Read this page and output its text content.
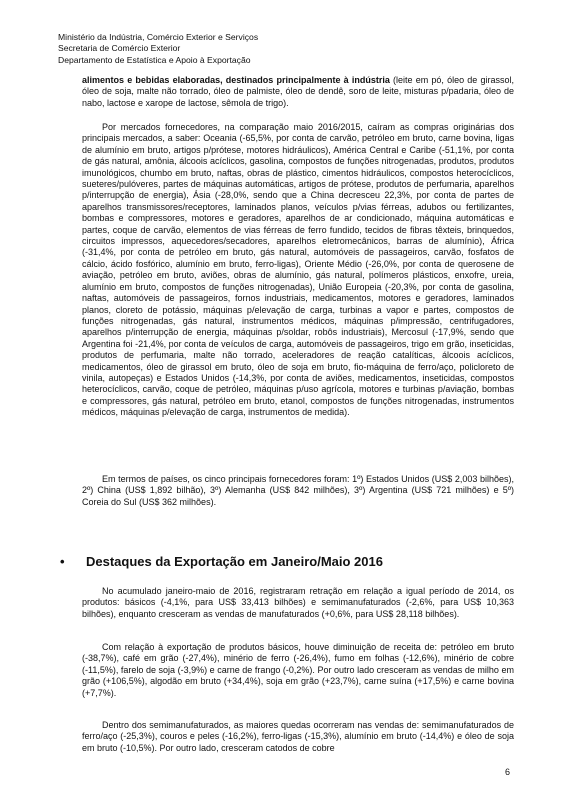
Ministério da Indústria, Comércio Exterior e Serviços
Secretaria de Comércio Exterior
Departamento de Estatística e Apoio à Exportação

alimentos e bebidas elaboradas, destinados principalmente à indústria (leite em pó, óleo de girassol, óleo de soja, malte não torrado, óleo de palmiste, óleo de dendê, soro de leite, misturas p/padaria, óleo de nabo, lactose e xarope de lactose, sêmola de trigo).

Por mercados fornecedores, na comparação maio 2016/2015, caíram as compras originárias dos principais mercados, a saber: Oceania (-65,5%, por conta de carvão, petróleo em bruto, carne bovina, ligas de alumínio em bruto, artigos p/prótese, motores hidráulicos), América Central e Caribe (-51,1%, por conta de gás natural, amônia, álcoois acíclicos, gasolina, compostos de funções nitrogenadas, produtos, produtos imunológicos, chumbo em bruto, naftas, obras de plástico, cimentos hidráulicos, compostos heterocíclicos, sueteres/pulóveres, partes de máquinas automáticas, artigos de prótese, produtos de perfumaria, aparelhos p/interrupção de energia), Ásia (-28,0%, sendo que a China decresceu 22,3%, por conta de partes de aparelhos transmissores/receptores, laminados planos, veículos p/vias férreas, adubos ou fertilizantes, bombas e compressores, motores e geradores, aparelhos de ar condicionado, máquina automáticas e partes, coque de carvão, elementos de vias férreas de ferro fundido, tecidos de fibras têxteis, brinquedos, circuitos impressos, aquecedores/secadores, aparelhos eletromecânicos, barras de alumínio), África (-31,4%, por conta de petróleo em bruto, gás natural, automóveis de passageiros, carvão, fosfatos de cálcio, ácido fosfórico, alumínio em bruto, ferro-ligas), Oriente Médio (-26,0%, por conta de querosene de aviação, petróleo em bruto, aviões, obras de alumínio, gás natural, polímeros plásticos, enxofre, ureia, alumínio em bruto, compostos de funções nitrogenadas), União Europeia (-20,3%, por conta de gasolina, naftas, automóveis de passageiros, fornos industriais, medicamentos, motores e geradores, laminados planos, cloreto de potássio, máquinas p/elevação de carga, turbinas a vapor e partes, compostos de funções nitrogenadas, gás natural, instrumentos médicos, máquinas p/impressão, centrifugadores, aparelhos p/interrupção de energia, máquinas p/soldar, robôs industriais), Mercosul (-17,9%, sendo que Argentina foi -21,4%, por conta de veículos de carga, automóveis de passageiros, trigo em grão, inseticidas, produtos de perfumaria, malte não torrado, aceleradores de reação catalíticas, álcoois acíclicos, medicamentos, óleo de girassol em bruto, óleo de soja em bruto, fio-máquina de ferro/aço, policloreto de vinila, autopeças) e Estados Unidos (-14,3%, por conta de aviões, medicamentos, inseticidas, compostos heterocíclicos, carvão, coque de petróleo, máquinas p/uso agrícola, motores e turbinas p/aviação, bombas e compressores, gás natural, petróleo em bruto, etanol, compostos de funções nitrogenadas, instrumentos médicos, máquinas p/elevação de carga, instrumentos de medida).

Em termos de países, os cinco principais fornecedores foram: 1º) Estados Unidos (US$ 2,003 bilhões), 2º) China (US$ 1,892 bilhão), 3º) Alemanha (US$ 842 milhões), 3º) Argentina (US$ 721 milhões) e 5º) Coreia do Sul (US$ 362 milhões).

• Destaques da Exportação em Janeiro/Maio 2016

No acumulado janeiro-maio de 2016, registraram retração em relação a igual período de 2014, os produtos: básicos (-4,1%, para US$ 33,413 bilhões) e semimanufaturados (-2,6%, para US$ 10,363 bilhões), enquanto cresceram as vendas de manufaturados (+0,6%, para US$ 28,118 bilhões).

Com relação à exportação de produtos básicos, houve diminuição de receita de: petróleo em bruto (-38,7%), café em grão (-27,4%), minério de ferro (-26,4%), fumo em folhas (-12,6%), minério de cobre (-11,5%), farelo de soja (-3,9%) e carne de frango (-0,2%). Por outro lado cresceram as vendas de milho em grão (+106,5%), algodão em bruto (+34,4%), soja em grão (+23,7%), carne suína (+17,5%) e carne bovina (+7,7%).

Dentro dos semimanufaturados, as maiores quedas ocorreram nas vendas de: semimanufaturados de ferro/aço (-25,3%), couros e peles (-16,2%), ferro-ligas (-15,3%), alumínio em bruto (-14,4%) e óleo de soja em bruto (-10,5%). Por outro lado, cresceram catodos de cobre

6
